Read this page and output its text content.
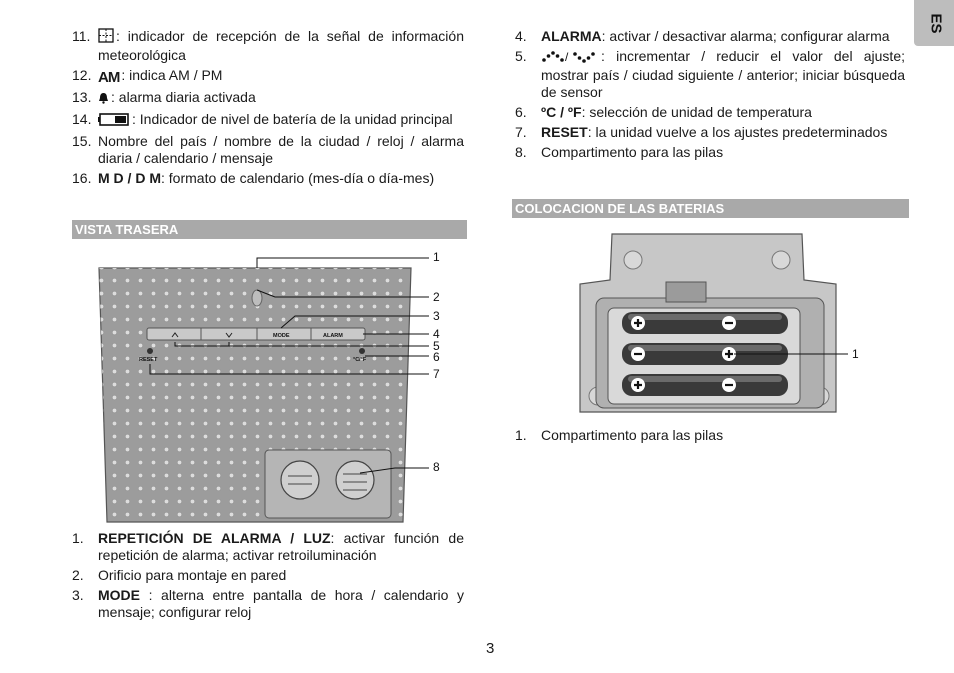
ES
11. : indicador de recepción de la señal de información meteorológica
12. AM : indica AM / PM
13. : alarma diaria activada
14.	: Indicador de nivel de batería de la unidad principal
15. Nombre del país / nombre de la ciudad / reloj / alarma diaria / calendario / mensaje
16. M D / D M: formato de calendario (mes-día o día-mes)
VISTA TRASERA
MODE	ALARM
RESET	°C/°F
1
2
3
4
5
6
7
8
1. REPETICIÓN DE ALARMA / LUZ: activar función de repetición de alarma; activar retroiluminación
2. Orificio para montaje en pared
3. MODE : alterna entre pantalla de hora / calendario y mensaje; configurar reloj
4. ALARMA: activar / desactivar alarma; configurar alarma
5.	/ : incrementar / reducir el valor del ajuste; mostrar país / ciudad siguiente / anterior; iniciar búsqueda de sensor
6. ºC / ºF: selección de unidad de temperatura
7. RESET: la unidad vuelve a los ajustes predeterminados
8. Compartimento para las pilas
COLOCACION DE LAS BATERIAS
1
1. Compartimento para las pilas
3
